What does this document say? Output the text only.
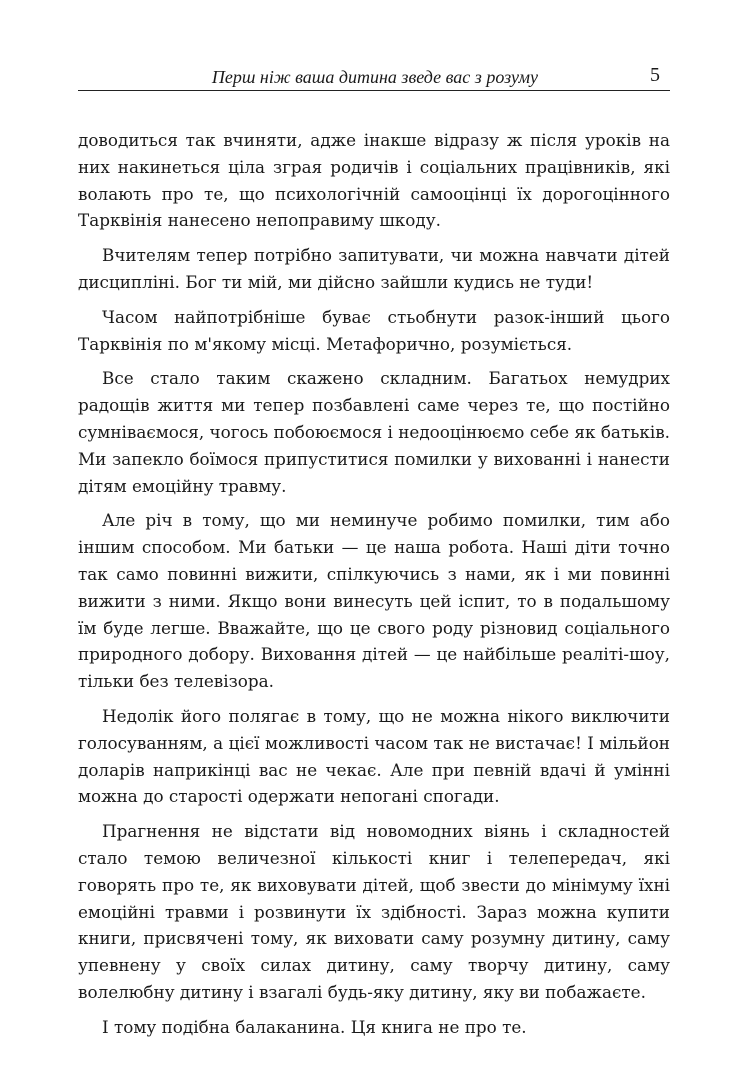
Перш ніж ваша дитина зведе вас з розуму	5

доводиться так вчиняти, адже інакше відразу ж після уроків на них накинеться ціла зграя родичів і соціальних працівників, які волають про те, що психологічній самооцінці їх дорогоцінного Тарквінія нанесено непоправиму шкоду.

Вчителям тепер потрібно запитувати, чи можна навчати дітей дисципліні. Бог ти мій, ми дійсно зайшли кудись не туди!

Часом найпотрібніше буває стьобнути разок-інший цього Тарквінія по м'якому місці. Метафорично, розуміється.

Все стало таким скажено складним. Багатьох немудрих радощів життя ми тепер позбавлені саме через те, що постійно сумніваємося, чогось побоюємося і недооцінюємо себе як батьків. Ми запекло боїмося припуститися помилки у вихованні і нанести дітям емоційну травму.

Але річ в тому, що ми неминуче робимо помилки, тим або іншим способом. Ми батьки — це наша робота. Наші діти точно так само повинні вижити, спілкуючись з нами, як і ми повинні вижити з ними. Якщо вони винесуть цей іспит, то в подальшому їм буде легше. Вважайте, що це свого роду різновид соціального природного добору. Виховання дітей — це найбільше реаліті-шоу, тільки без телевізора.

Недолік його полягає в тому, що не можна нікого виключити голосуванням, а цієї можливості часом так не вистачає! І мільйон доларів наприкінці вас не чекає. Але при певній вдачі й умінні можна до старості одержати непогані спогади.

Прагнення не відстати від новомодних віянь і складностей стало темою величезної кількості книг і телепередач, які говорять про те, як виховувати дітей, щоб звести до мінімуму їхні емоційні травми і розвинути їх здібності. Зараз можна купити книги, присвячені тому, як виховати саму розумну дитину, саму упевнену у своїх силах дитину, саму творчу дитину, саму волелюбну дитину і взагалі будь-яку дитину, яку ви побажаєте.

І тому подібна балаканина. Ця книга не про те.
